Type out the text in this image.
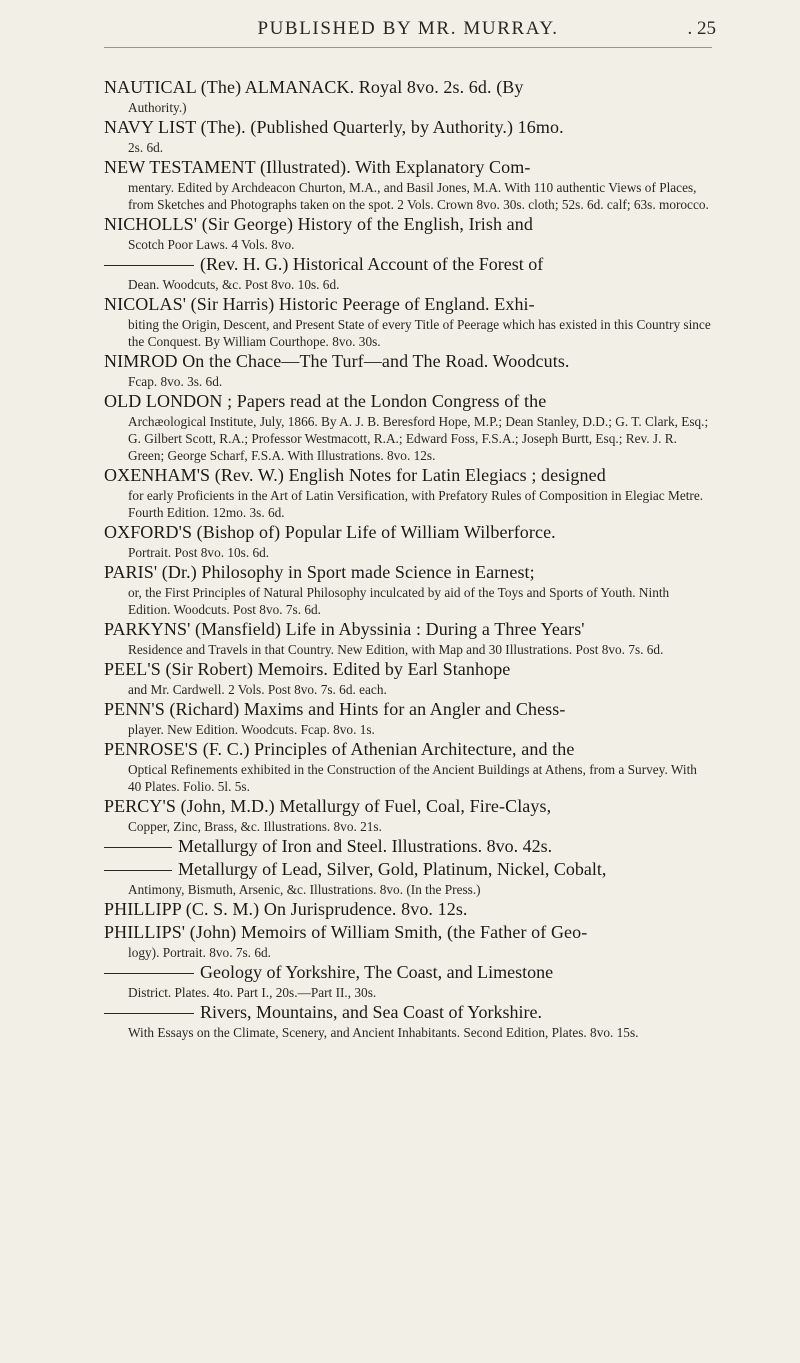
PUBLISHED BY MR. MURRAY.	. 25

NAUTICAL (The) ALMANACK. Royal 8vo. 2s. 6d. (By

Authority.)

NAVY LIST (The). (Published Quarterly, by Authority.) 16mo.

2s. 6d.

NEW TESTAMENT (Illustrated). With Explanatory Com-

mentary. Edited by Archdeacon Churton, M.A., and Basil Jones, M.A. With 110 authentic Views of Places, from Sketches and Photographs taken on the spot. 2 Vols. Crown 8vo. 30s. cloth; 52s. 6d. calf; 63s. morocco.

NICHOLLS' (Sir George) History of the English, Irish and

Scotch Poor Laws. 4 Vols. 8vo.

(Rev. H. G.) Historical Account of the Forest of

Dean. Woodcuts, &c. Post 8vo. 10s. 6d.

NICOLAS' (Sir Harris) Historic Peerage of England. Exhi-

biting the Origin, Descent, and Present State of every Title of Peerage which has existed in this Country since the Conquest. By William Courthope. 8vo. 30s.

NIMROD On the Chace—The Turf—and The Road. Woodcuts.

Fcap. 8vo. 3s. 6d.

OLD LONDON ; Papers read at the London Congress of the

Archæological Institute, July, 1866. By A. J. B. Beresford Hope, M.P.; Dean Stanley, D.D.; G. T. Clark, Esq.; G. Gilbert Scott, R.A.; Professor Westmacott, R.A.; Edward Foss, F.S.A.; Joseph Burtt, Esq.; Rev. J. R. Green; George Scharf, F.S.A. With Illustrations. 8vo. 12s.

OXENHAM'S (Rev. W.) English Notes for Latin Elegiacs ; designed

for early Proficients in the Art of Latin Versification, with Prefatory Rules of Composition in Elegiac Metre. Fourth Edition. 12mo. 3s. 6d.

OXFORD'S (Bishop of) Popular Life of William Wilberforce.

Portrait. Post 8vo. 10s. 6d.

PARIS' (Dr.) Philosophy in Sport made Science in Earnest;

or, the First Principles of Natural Philosophy inculcated by aid of the Toys and Sports of Youth. Ninth Edition. Woodcuts. Post 8vo. 7s. 6d.

PARKYNS' (Mansfield) Life in Abyssinia : During a Three Years'

Residence and Travels in that Country. New Edition, with Map and 30 Illustrations. Post 8vo. 7s. 6d.

PEEL'S (Sir Robert) Memoirs. Edited by Earl Stanhope

and Mr. Cardwell. 2 Vols. Post 8vo. 7s. 6d. each.

PENN'S (Richard) Maxims and Hints for an Angler and Chess-

player. New Edition. Woodcuts. Fcap. 8vo. 1s.

PENROSE'S (F. C.) Principles of Athenian Architecture, and the

Optical Refinements exhibited in the Construction of the Ancient Buildings at Athens, from a Survey. With 40 Plates. Folio. 5l. 5s.

PERCY'S (John, M.D.) Metallurgy of Fuel, Coal, Fire-Clays,

Copper, Zinc, Brass, &c. Illustrations. 8vo. 21s.

Metallurgy of Iron and Steel. Illustrations. 8vo. 42s.

Metallurgy of Lead, Silver, Gold, Platinum, Nickel, Cobalt,

Antimony, Bismuth, Arsenic, &c. Illustrations. 8vo. (In the Press.)

PHILLIPP (C. S. M.) On Jurisprudence. 8vo. 12s.

PHILLIPS' (John) Memoirs of William Smith, (the Father of Geo-

logy). Portrait. 8vo. 7s. 6d.

Geology of Yorkshire, The Coast, and Limestone

District. Plates. 4to. Part I., 20s.—Part II., 30s.

Rivers, Mountains, and Sea Coast of Yorkshire.

With Essays on the Climate, Scenery, and Ancient Inhabitants. Second Edition, Plates. 8vo. 15s.
